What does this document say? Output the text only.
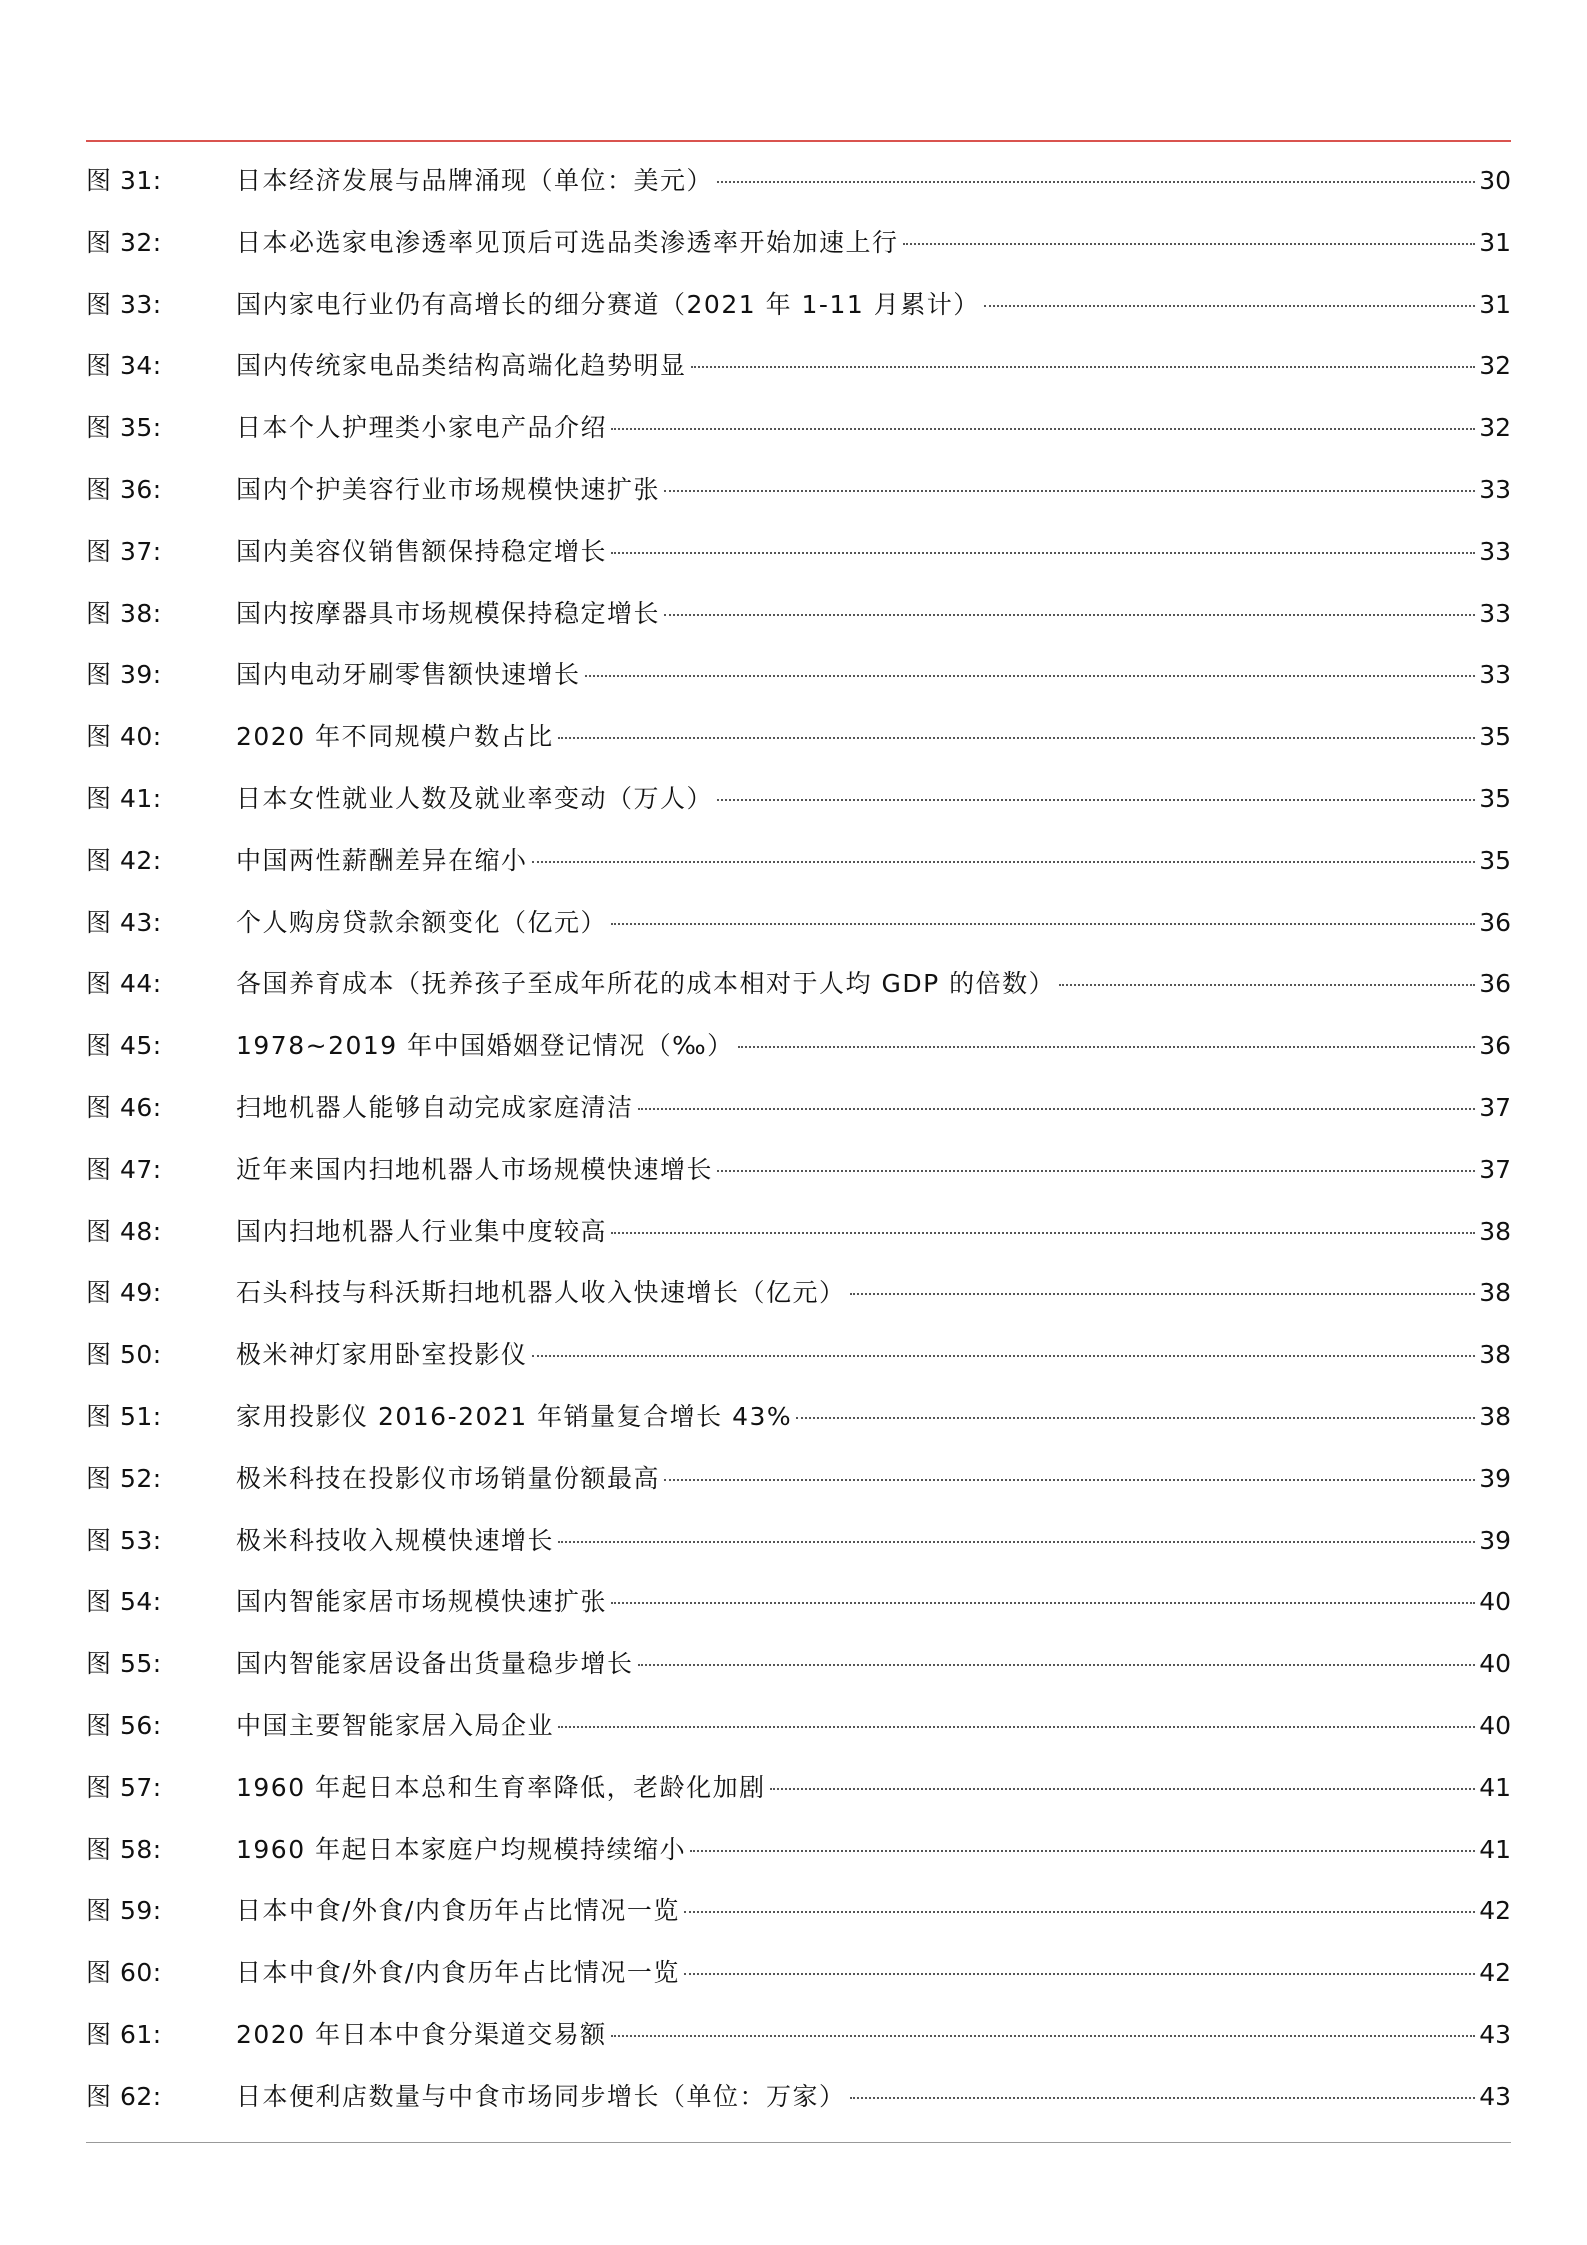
图 31:	日本经济发展与品牌涌现（单位：美元）	30
图 32:	日本必选家电渗透率见顶后可选品类渗透率开始加速上行	31
图 33:	国内家电行业仍有高增长的细分赛道（2021 年 1-11 月累计）	31
图 34:	国内传统家电品类结构高端化趋势明显	32
图 35:	日本个人护理类小家电产品介绍	32
图 36:	国内个护美容行业市场规模快速扩张	33
图 37:	国内美容仪销售额保持稳定增长	33
图 38:	国内按摩器具市场规模保持稳定增长	33
图 39:	国内电动牙刷零售额快速增长	33
图 40:	2020 年不同规模户数占比	35
图 41:	日本女性就业人数及就业率变动（万人）	35
图 42:	中国两性薪酬差异在缩小	35
图 43:	个人购房贷款余额变化（亿元）	36
图 44:	各国养育成本（抚养孩子至成年所花的成本相对于人均 GDP 的倍数）	36
图 45:	1978~2019 年中国婚姻登记情况（‰）	36
图 46:	扫地机器人能够自动完成家庭清洁	37
图 47:	近年来国内扫地机器人市场规模快速增长	37
图 48:	国内扫地机器人行业集中度较高	38
图 49:	石头科技与科沃斯扫地机器人收入快速增长（亿元）	38
图 50:	极米神灯家用卧室投影仪	38
图 51:	家用投影仪 2016-2021 年销量复合增长 43%	38
图 52:	极米科技在投影仪市场销量份额最高	39
图 53:	极米科技收入规模快速增长	39
图 54:	国内智能家居市场规模快速扩张	40
图 55:	国内智能家居设备出货量稳步增长	40
图 56:	中国主要智能家居入局企业	40
图 57:	1960 年起日本总和生育率降低，老龄化加剧	41
图 58:	1960 年起日本家庭户均规模持续缩小	41
图 59:	日本中食/外食/内食历年占比情况一览	42
图 60:	日本中食/外食/内食历年占比情况一览	42
图 61:	2020 年日本中食分渠道交易额	43
图 62:	日本便利店数量与中食市场同步增长（单位：万家）	43
